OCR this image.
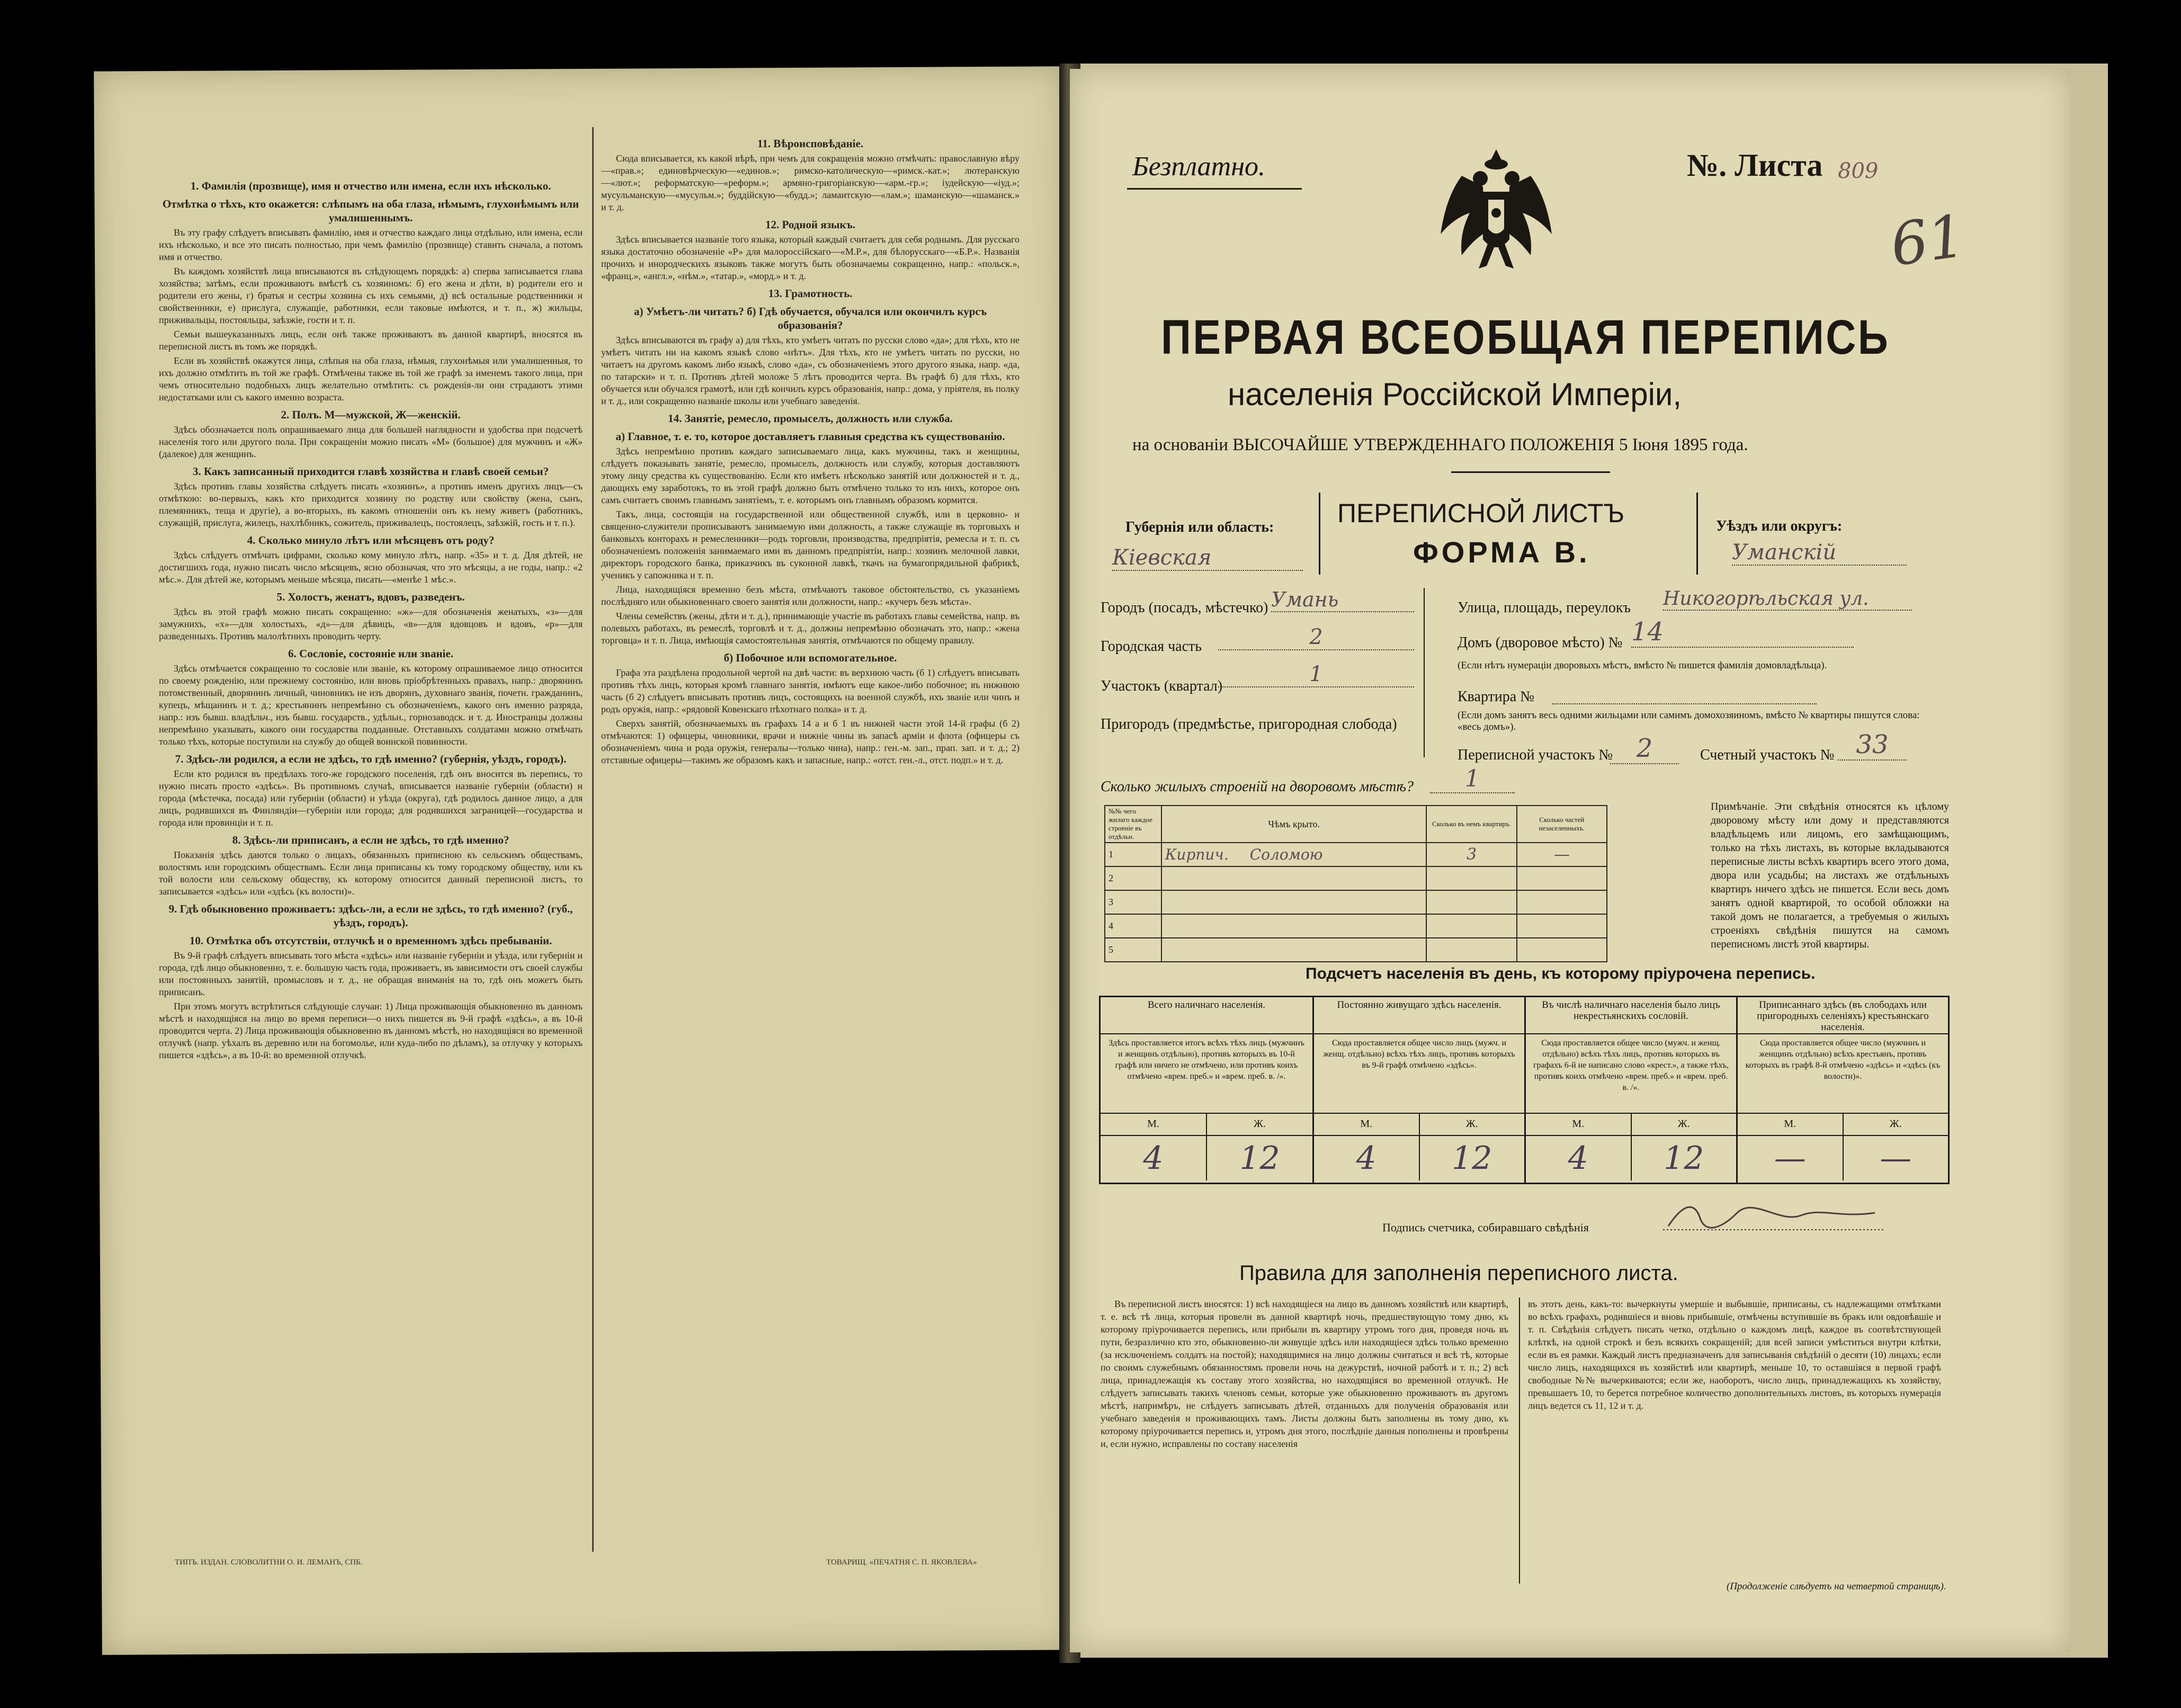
1. Фамилія (прозвище), имя и отчество или имена, если ихъ нѣсколько.
Отмѣтка о тѣхъ, кто окажется: слѣпымъ на оба глаза, нѣмымъ, глухонѣмымъ или умалишеннымъ.

Въ эту графу слѣдуетъ вписывать фамилію, имя и отчество каждаго лица отдѣльно, или имена, если ихъ нѣсколько, и все это писать полностью, при чемъ фамилію (прозвище) ставить сначала, а потомъ имя и отчество.

Въ каждомъ хозяйствѣ лица вписываются въ слѣдующемъ порядкѣ: а) сперва записывается глава хозяйства; затѣмъ, если проживаютъ вмѣстѣ съ хозяиномъ: б) его жена и дѣти, в) родители его и родители его жены, г) братья и сестры хозяина съ ихъ семьями, д) всѣ остальные родственники и свойственники, е) прислуга, служащіе, работники, если таковые имѣются, и т. п., ж) жильцы, приживальцы, постояльцы, заѣзжіе, гости и т. п.

Семьи вышеуказанныхъ лицъ, если онѣ также проживаютъ въ данной квартирѣ, вносятся въ переписной листъ въ томъ же порядкѣ.

Если въ хозяйствѣ окажутся лица, слѣпыя на оба глаза, нѣмыя, глухонѣмыя или умалишенныя, то ихъ должно отмѣтить въ той же графѣ. Отмѣчены также въ той же графѣ за именемъ такого лица, при чемъ относительно подобныхъ лицъ желательно отмѣтить: съ рожденія-ли они страдаютъ этими недостатками или съ какого именно возраста.

2. Полъ. М—мужской, Ж—женскій.

Здѣсь обозначается полъ опрашиваемаго лица для большей наглядности и удобства при подсчетѣ населенія того или другого пола. При сокращеніи можно писать «М» (большое) для мужчинъ и «Ж» (далекое) для женщинъ.

3. Какъ записанный приходится главѣ хозяйства и главѣ своей семьи?

Здѣсь противъ главы хозяйства слѣдуетъ писать «хозяинъ», а противъ именъ другихъ лицъ—съ отмѣткою: во-первыхъ, какъ кто приходится хозяину по родству или свойству (жена, сынъ, племянникъ, теща и другіе), а во-вторыхъ, въ какомъ отношеніи онъ къ нему живетъ (работникъ, служащій, прислуга, жилецъ, нахлѣбникъ, сожитель, приживалецъ, постоялецъ, заѣзжій, гость и т. п.).

4. Сколько минуло лѣтъ или мѣсяцевъ отъ роду?

Здѣсь слѣдуетъ отмѣчать цифрами, сколько кому минуло лѣтъ, напр. «35» и т. д. Для дѣтей, не достигшихъ года, нужно писать число мѣсяцевъ, ясно обозначая, что это мѣсяцы, а не годы, напр.: «2 мѣс.». Для дѣтей же, которымъ меньше мѣсяца, писать—«менѣе 1 мѣс.».

5. Холостъ, женатъ, вдовъ, разведенъ.

Здѣсь въ этой графѣ можно писать сокращенно: «ж»—для обозначенія женатыхъ, «з»—для замужнихъ, «х»—для холостыхъ, «д»—для дѣвицъ, «в»—для вдовцовъ и вдовъ, «р»—для разведенныхъ. Противъ малолѣтнихъ проводить черту.

6. Сословіе, состояніе или званіе.

Здѣсь отмѣчается сокращенно то сословіе или званіе, къ которому опрашиваемое лицо относится по своему рожденію, или прежнему состоянію, или вновь пріобрѣтенныхъ правахъ, напр.: дворянинъ потомственный, дворянинъ личный, чиновникъ не изъ дворянъ, духовнаго званія, почетн. гражданинъ, купецъ, мѣщанинъ и т. д.; крестьянинъ непремѣнно съ обозначеніемъ, какого онъ именно разряда, напр.: изъ бывш. владѣльч., изъ бывш. государств., удѣльн., горнозаводск. и т. д. Иностранцы должны непремѣнно указывать, какого они государства подданные. Отставныхъ солдатами можно отмѣчать только тѣхъ, которые поступили на службу до общей воинской повинности.

7. Здѣсь-ли родился, а если не здѣсь, то гдѣ именно? (губернія, уѣздъ, городъ).

Если кто родился въ предѣлахъ того-же городского поселенія, гдѣ онъ вносится въ перепись, то нужно писать просто «здѣсь». Въ противномъ случаѣ, вписывается названіе губерніи (области) и города (мѣстечка, посада) или губерніи (области) и уѣзда (округа), гдѣ родилось данное лицо, а для лицъ, родившихся въ Финляндіи—губерніи или города; для родившихся заграницей—государства и города или провинціи и т. п.

8. Здѣсь-ли приписанъ, а если не здѣсь, то гдѣ именно?

Показанія здѣсь даются только о лицахъ, обязанныхъ приписною къ сельскимъ обществамъ, волостямъ или городскимъ обществамъ. Если лица приписаны къ тому городскому обществу, или къ той волости или сельскому обществу, къ которому относится данный переписной листъ, то записывается «здѣсь» или «здѣсь (къ волости)».

9. Гдѣ обыкновенно проживаетъ: здѣсь-ли, а если не здѣсь, то гдѣ именно? (губ., уѣздъ, городъ).
10. Отмѣтка объ отсутствіи, отлучкѣ и о временномъ здѣсь пребываніи.

Въ 9-й графѣ слѣдуетъ вписывать того мѣста «здѣсь» или названіе губерніи и уѣзда, или губерніи и города, гдѣ лицо обыкновенно, т. е. большую часть года, проживаетъ, въ зависимости отъ своей службы или постоянныхъ занятій, промысловъ и т. д., не обращая вниманія на то, гдѣ онъ можетъ быть приписанъ.

При этомъ могутъ встрѣтиться слѣдующіе случаи: 1) Лица проживающія обыкновенно въ данномъ мѣстѣ и находящіяся на лицо во время переписи—о нихъ пишется въ 9-й графѣ «здѣсь», а въ 10-й проводится черта. 2) Лица проживающія обыкновенно въ данномъ мѣстѣ, но находящіяся во временной отлучкѣ (напр. уѣхалъ въ деревню или на богомолье, или куда-либо по дѣламъ), за отлучку у которыхъ пишется «здѣсь», а въ 10-й: во временной отлучкѣ.

11. Вѣроисповѣданіе.

Сюда вписывается, къ какой вѣрѣ, при чемъ для сокращенія можно отмѣчать: православную вѣру—«прав.»; единовѣрческую—«единов.»; римско-католическую—«римск.-кат.»; лютеранскую—«лют.»; реформатскую—«реформ.»; армяно-григоріанскую—«арм.-гр.»; іудейскую—«іуд.»; мусульманскую—«мусульм.»; буддійскую—«будд.»; ламаитскую—«лам.»; шаманскую—«шаманск.» и т. д.

12. Родной языкъ.

Здѣсь вписывается названіе того языка, который каждый считаетъ для себя роднымъ. Для русскаго языка достаточно обозначеніе «Р» для малороссійскаго—«М.Р.», для бѣлорусскаго—«Б.Р.». Названія прочихъ и инородческихъ языковъ также могутъ быть обозначаемы сокращенно, напр.: «польск.», «франц.», «англ.», «нѣм.», «татар.», «морд.» и т. д.

13. Грамотность.
а) Умѣетъ-ли читать? б) Гдѣ обучается, обучался или окончилъ курсъ образованія?

Здѣсь вписываются въ графу а) для тѣхъ, кто умѣетъ читать по русски слово «да»; для тѣхъ, кто не умѣетъ читать ни на какомъ языкѣ слово «нѣтъ». Для тѣхъ, кто не умѣетъ читать по русски, но читаетъ на другомъ какомъ либо языкѣ, слово «да», съ обозначеніемъ этого другого языка, напр. «да, по татарски» и т. п. Противъ дѣтей моложе 5 лѣтъ проводится черта. Въ графѣ б) для тѣхъ, кто обучается или обучался грамотѣ, или гдѣ кончилъ курсъ образованія, напр.: дома, у пріятеля, въ полку и т. д., или сокращенно названіе школы или учебнаго заведенія.

14. Занятіе, ремесло, промыселъ, должность или служба.
а) Главное, т. е. то, которое доставляетъ главныя средства къ существованію.

Здѣсь непремѣнно противъ каждаго записываемаго лица, какъ мужчины, такъ и женщины, слѣдуетъ показывать занятіе, ремесло, промыселъ, должность или службу, которыя доставляютъ этому лицу средства къ существованію. Если кто имѣетъ нѣсколько занятій или должностей и т. д., дающихъ ему заработокъ, то въ этой графѣ должно быть отмѣчено только то изъ нихъ, которое онъ самъ считаетъ своимъ главнымъ занятіемъ, т. е. которымъ онъ главнымъ образомъ кормится.

Такъ, лица, состоящія на государственной или общественной службѣ, или в церковно- и священно-служители прописываютъ занимаемую ими должность, а также служащіе въ торговыхъ и банковыхъ конторахъ и ремесленники—родъ торговли, производства, предпріятія, ремесла и т. п. съ обозначеніемъ положенія занимаемаго ими въ данномъ предпріятіи, напр.: хозяинъ мелочной лавки, директоръ городского банка, приказчикъ въ суконной лавкѣ, ткачъ на бумагопрядильной фабрикѣ, ученикъ у сапожника и т. п.

Лица, находящіяся временно безъ мѣста, отмѣчаютъ таковое обстоятельство, съ указаніемъ послѣдняго или обыкновеннаго своего занятія или должности, напр.: «кучеръ безъ мѣста».

Члены семействъ (жены, дѣти и т. д.), принимающіе участіе въ работахъ главы семейства, напр. въ полевыхъ работахъ, въ ремеслѣ, торговлѣ и т. д., должны непремѣнно обозначать это, напр.: «жена торговца» и т. п. Лица, имѣющія самостоятельныя занятія, отмѣчаются по общему правилу.

б) Побочное или вспомогательное.

Графа эта раздѣлена продольной чертой на двѣ части: въ верхнюю часть (б 1) слѣдуетъ вписывать противъ тѣхъ лицъ, которыя кромѣ главнаго занятія, имѣютъ еще какое-либо побочное; въ нижнюю часть (б 2) слѣдуетъ вписывать противъ лицъ, состоящихъ на военной службѣ, ихъ званіе или чинъ и родъ оружія, напр.: «рядовой Ковенскаго пѣхотнаго полка» и т. д.

Сверхъ занятій, обозначаемыхъ въ графахъ 14 а и б 1 въ нижней части этой 14-й графы (б 2) отмѣчаются: 1) офицеры, чиновники, врачи и нижніе чины въ запасѣ арміи и флота (офицеры съ обозначеніемъ чина и рода оружія, генералы—только чина), напр.: ген.-м. зап., прап. зап. и т. д.; 2) отставные офицеры—такимъ же образомъ какъ и запасные, напр.: «отст. ген.-л., отст. подп.» и т. д.

ТИПЪ. ИЗДАН. СЛОВОЛИТНИ О. И. ЛЕМАНЪ, СПБ.	ТОВАРИЩ. «ПЕЧАТНЯ С. П. ЯКОВЛЕВА»
Безплатно.	№. Листа 809
61
ПЕРВАЯ ВСЕОБЩАЯ ПЕРЕПИСЬ
населенія Россійской Имперіи,
на основаніи ВЫСОЧАЙШЕ УТВЕРЖДЕННАГО ПОЛОЖЕНІЯ 5 Іюня 1895 года.
ПЕРЕПИСНОЙ ЛИСТЪ
ФОРМА В.
Губернія или область:
Кіевская
Уѣздъ или округъ:
Уманскій
Городъ (посадъ, мѣстечко) Умань
Городская часть	2
Участокъ (квартал)	1
Пригородъ (предмѣстье, пригородная слобода)
Улица, площадь, переулокъ Никогорѣльская ул.
Домъ (дворовое мѣсто) № 14
(Если нѣтъ нумераціи дворовыхъ мѣстъ, вмѣсто № пишется фамилія домовладѣльца).
Квартира №
(Если домъ занятъ весь одними жильцами или самимъ домохозяиномъ, вмѣсто № квартиры пишутся слова: «весь домъ»).
Переписной участокъ № 2	Счетный участокъ № 33
Сколько жилыхъ строеній на дворовомъ мѣстѣ?	1
№№ чего жилаго каждое строеніе въ отдѣльн.	Чѣмъ крыто.	Сколько въ немъ квартиръ.	Сколько частей незаселенныхъ.
1	Кирпич. Соломою	3	—
2			
3			
4			
5			
Примѣчаніе. Эти свѣдѣнія относятся къ цѣлому дворовому мѣсту или дому и представляются владѣльцемъ или лицомъ, его замѣщающимъ, только на тѣхъ листахъ, въ которые вкладываются переписные листы всѣхъ квартиръ всего этого дома, двора или усадьбы; на листахъ же отдѣльныхъ квартиръ ничего здѣсь не пишется. Если весь домъ занятъ одной квартирой, то особой обложки на такой домъ не полагается, а требуемыя о жилыхъ строеніяхъ свѣдѣнія пишутся на самомъ переписномъ листѣ этой квартиры.
Подсчетъ населенія въ день, къ которому пріурочена перепись.
Всего наличнаго населенія.
Здѣсь проставляется итогъ всѣхъ тѣхъ лицъ (мужчинъ и женщинъ отдѣльно), противъ которыхъ въ 10-й графѣ или ничего не отмѣчено, или противъ коихъ отмѣчено «врем. преб.» и «врем. преб. в. /».
М.	Ж.
4	12
Постоянно живущаго здѣсь населенія.
Сюда проставляется общее число лицъ (мужч. и женщ. отдѣльно) всѣхъ тѣхъ лицъ, противъ которыхъ въ 9-й графѣ отмѣчено «здѣсь».
М.	Ж.
4	12
Въ числѣ наличнаго населенія было лицъ некрестьянскихъ сословій.
Сюда проставляется общее число (мужч. и женщ. отдѣльно) всѣхъ тѣхъ лицъ, противъ которыхъ въ графахъ 6-й не написано слово «крест.», а также тѣхъ, противъ коихъ отмѣчено «врем. преб.» и «врем. преб. в. /».
М.	Ж.
4	12
Приписаннаго здѣсь (въ слободахъ или пригородныхъ селеніяхъ) крестьянскаго населенія.
Сюда проставляется общее число (мужчинъ и женщинъ отдѣльно) всѣхъ крестьянъ, противъ которыхъ въ графѣ 8-й отмѣчено «здѣсь» и «здѣсь (къ волости)».
М.	Ж.
—	—
Подпись счетчика, собиравшаго свѣдѣнія
Правила для заполненія переписного листа.
Въ переписной листъ вносятся: 1) всѣ находящіеся на лицо въ данномъ хозяйствѣ или квартирѣ, т. е. всѣ тѣ лица, которыя провели въ данной квартирѣ ночь, предшествующую тому дню, къ которому пріурочивается перепись, или прибыли въ квартиру утромъ того дня, проведя ночь въ пути, безразлично кто это, обыкновенно-ли живущіе здѣсь или находящіеся здѣсь только временно (за исключеніемъ солдатъ на постой); находящимися на лицо должны считаться и всѣ тѣ, которые по своимъ служебнымъ обязанностямъ провели ночь на дежурствѣ, ночной работѣ и т. п.; 2) всѣ лица, принадлежащія къ составу этого хозяйства, но находящіяся во временной отлучкѣ. Не слѣдуетъ записывать такихъ членовъ семьи, которые уже обыкновенно проживаютъ въ другомъ мѣстѣ, напримѣръ, не слѣдуетъ записывать дѣтей, отданныхъ для полученія образованія или учебнаго заведенія и проживающихъ тамъ. Листы должны быть заполнены въ тому дню, къ которому пріурочивается перепись и, утромъ дня этого, послѣдніе данныя пополнены и провѣрены и, если нужно, исправлены по составу населенія
въ этотъ день, какъ-то: вычеркнуты умершіе и выбывшіе, приписаны, съ надлежащими отмѣтками во всѣхъ графахъ, родившіеся и вновь прибывшіе, отмѣчены вступившіе въ бракъ или овдовѣвшіе и т. п. Свѣдѣнія слѣдуетъ писать четко, отдѣльно о каждомъ лицѣ, каждое въ соотвѣтствующей клѣткѣ, на одной строкѣ и безъ всякихъ сокращеній; для всей записи умѣститься внутри клѣтки, если въ ея рамки. Каждый листъ предназначенъ для записыванія свѣдѣній о десяти (10) лицахъ; если число лицъ, находящихся въ хозяйствѣ или квартирѣ, меньше 10, то оставшіяся в первой графѣ свободные №№ вычеркиваются; если же, наоборотъ, число лицъ, принадлежащихъ къ хозяйству, превышаетъ 10, то берется потребное количество дополнительныхъ листовъ, въ которыхъ нумерація лицъ ведется съ 11, 12 и т. д.
(Продолженіе слѣдуетъ на четвертой страницѣ).
